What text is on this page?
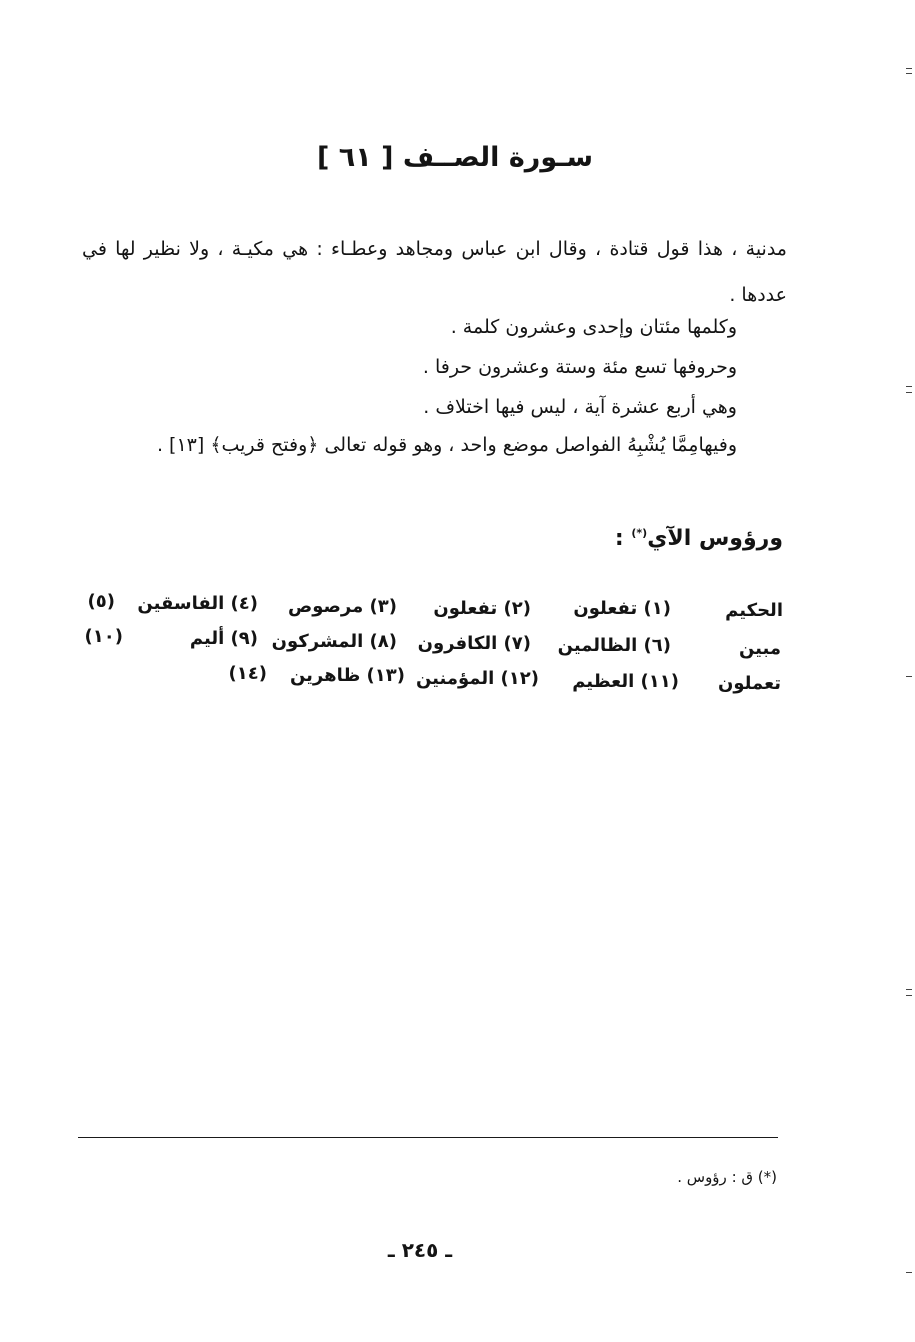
سـورة الصــف [ ٦١ ]
مدنية ، هذا قول قتادة ، وقال ابن عباس ومجاهد وعطـاء : هي مكيـة ، ولا نظير لها في عددها .
وكلمها مئتان وإحدى وعشرون كلمة .
وحروفها تسع مئة وستة وعشرون حرفا .
وهي أربع عشرة آية ، ليس فيها اختلاف .
وفيهامِمَّا يُشْبِهُ الفواصل موضع واحد ، وهو قوله تعالى ﴿وفتح قريب﴾ [١٣] .
ورؤوس الآي(*) :
الحكيم
(١) تفعلون
(٢) تفعلون
(٣) مرصوص
(٤) الفاسقين
(٥)
مبين
(٦) الظالمين
(٧) الكافرون
(٨) المشركون
(٩) أليم
(١٠)
تعملون
(١١) العظيم
(١٢) المؤمنين
(١٣) ظاهرين
(١٤)
(*) ق : رؤوس .
ـ ٢٤٥ ـ
